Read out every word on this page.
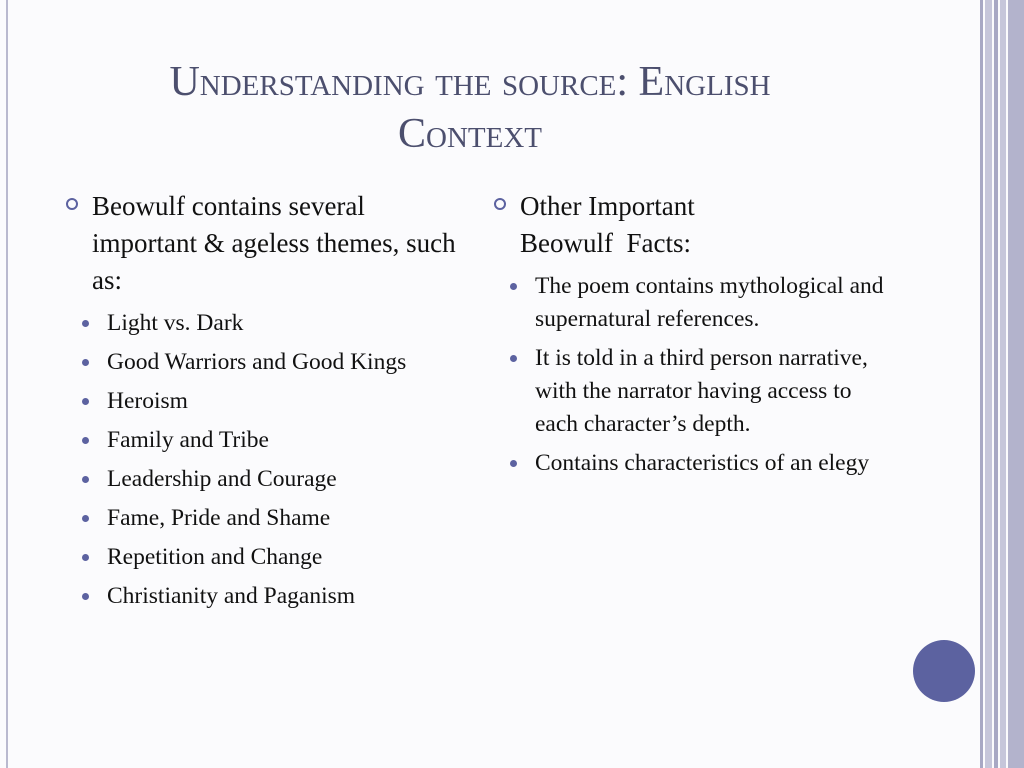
Understanding the source: English
Context

Beowulf contains several important & ageless themes, such as:

Light vs. Dark
Good Warriors and Good Kings
Heroism
Family and Tribe
Leadership and Courage
Fame, Pride and Shame
Repetition and Change
Christianity and Paganism

Other Important Beowulf  Facts:

The poem contains mythological and supernatural references.
It is told in a third person narrative, with the narrator having access to each character’s depth.
Contains characteristics of an elegy
